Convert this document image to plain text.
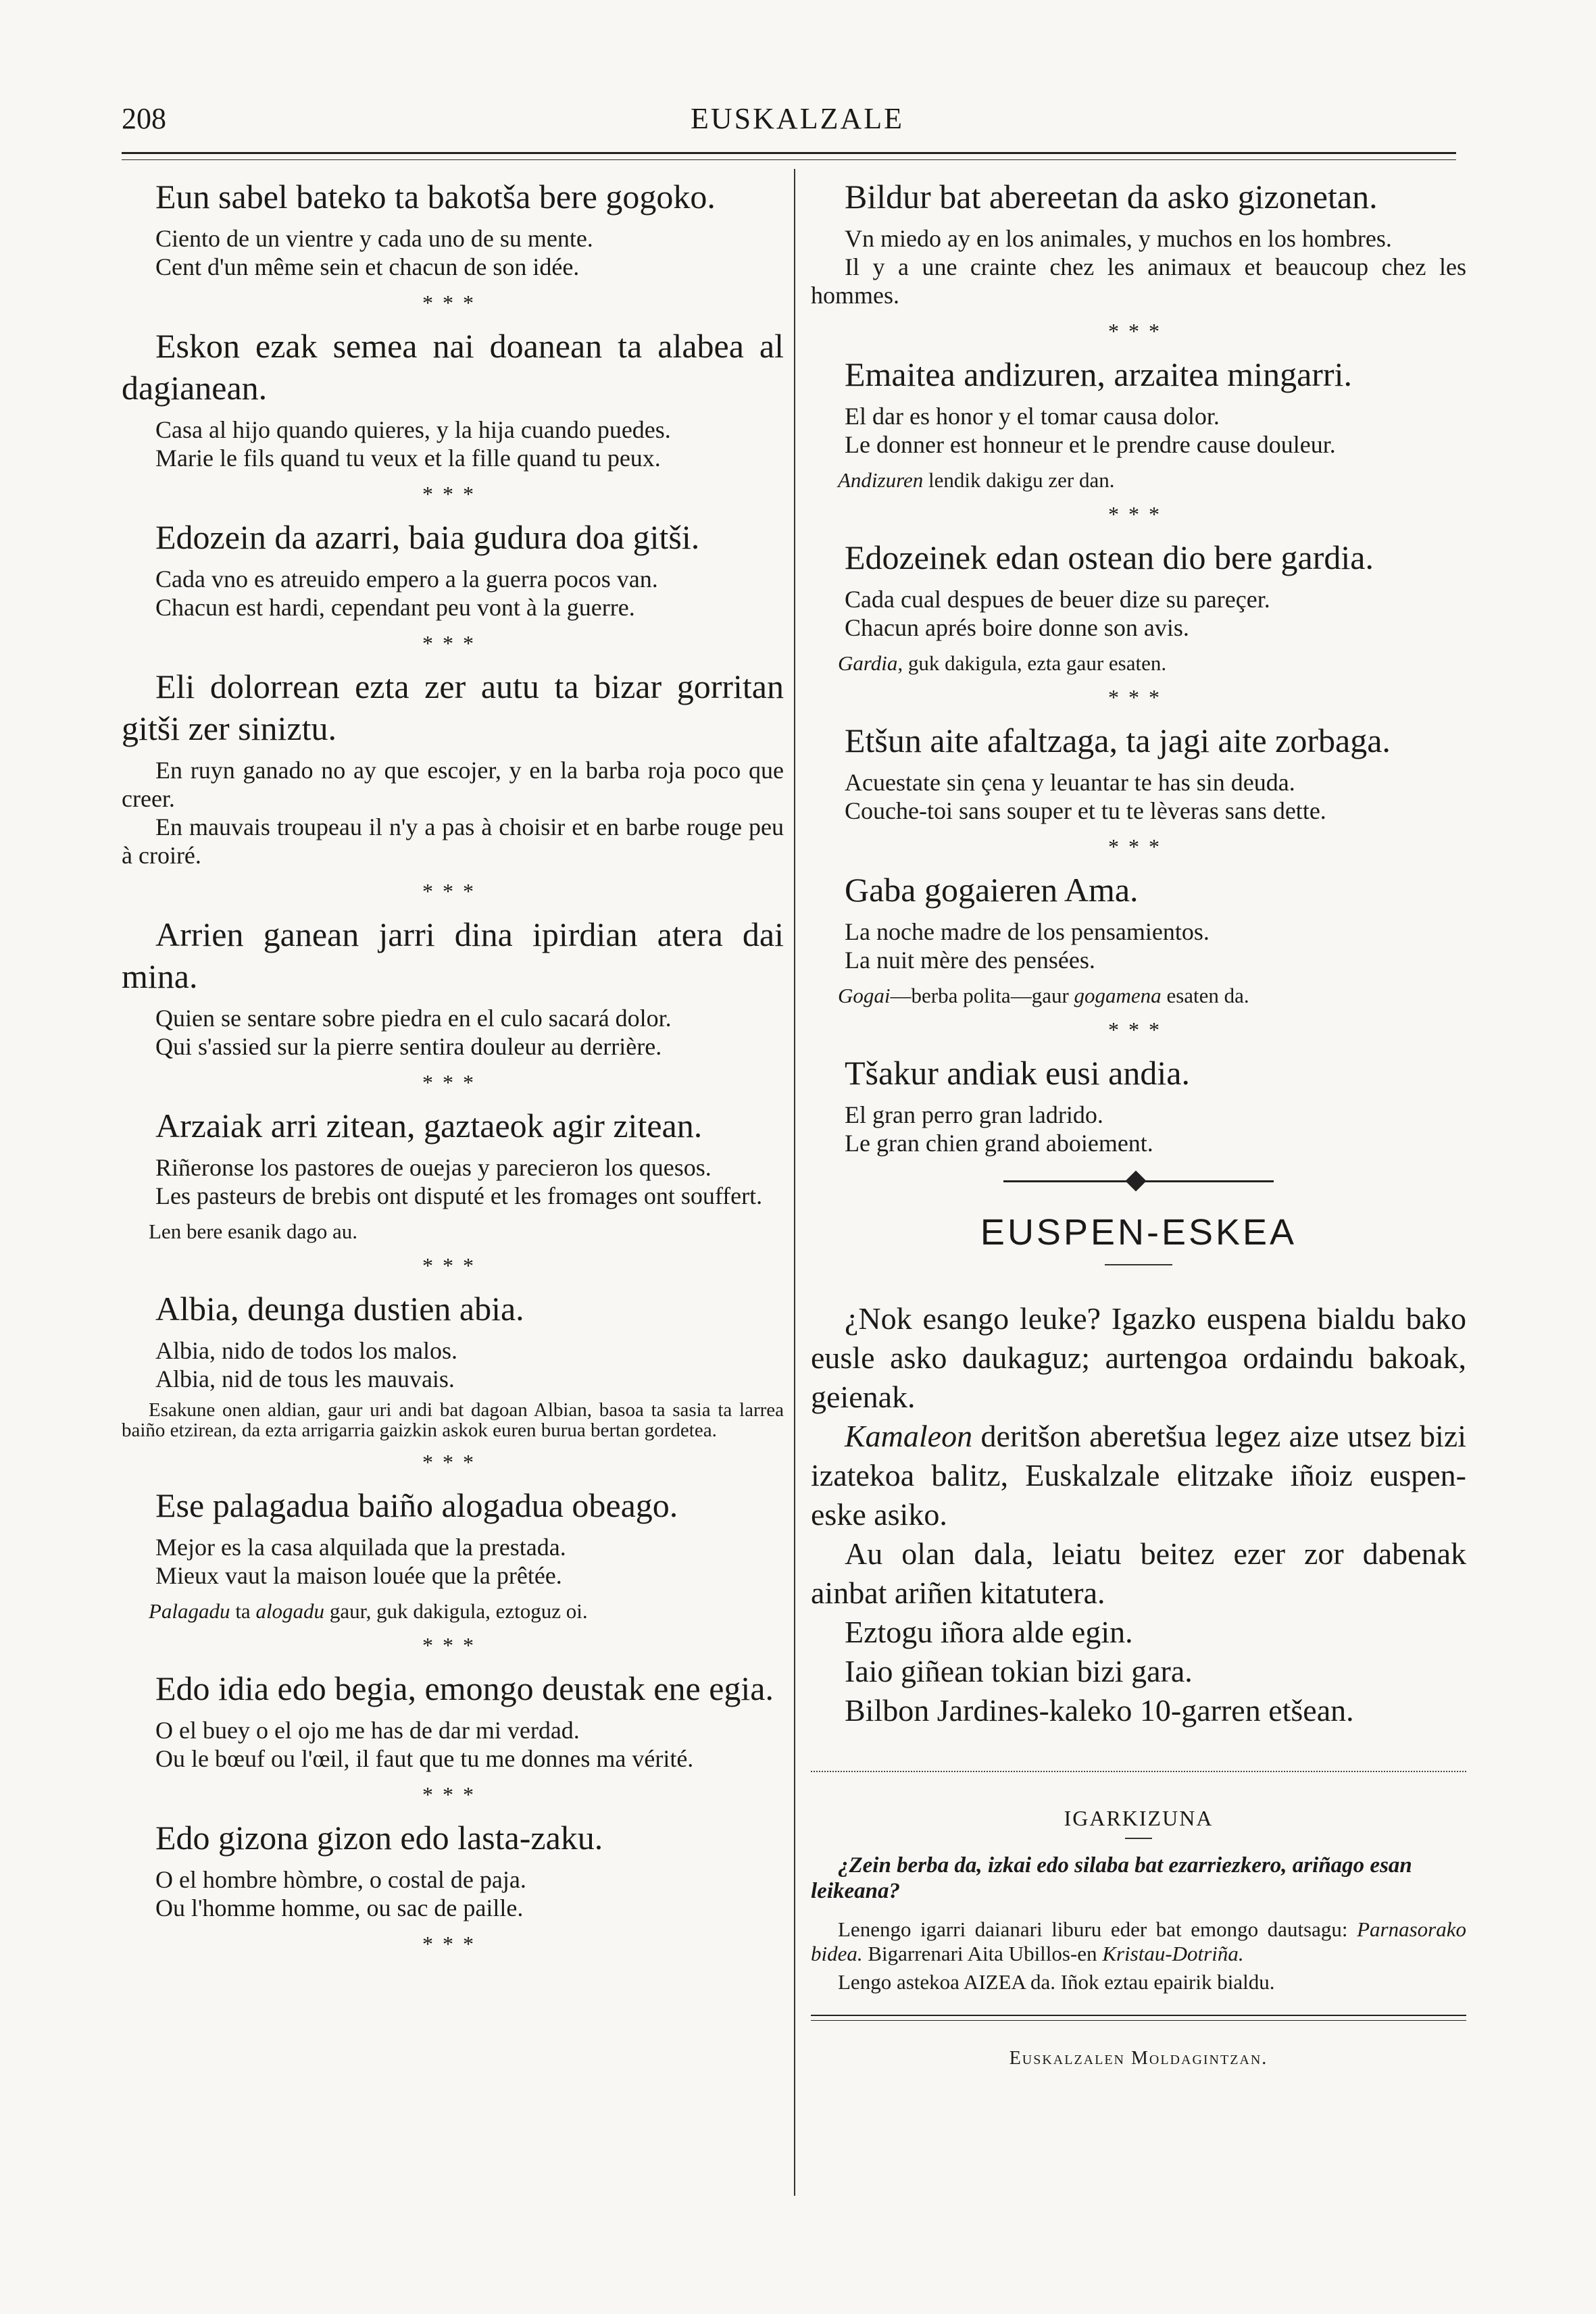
208	EUSKALZALE

Eun sabel bateko ta bakotša bere gogoko.

Ciento de un vientre y cada uno de su mente.

Cent d'un même sein et chacun de son idée.

***

Eskon ezak semea nai doanean ta alabea al dagianean.

Casa al hijo quando quieres, y la hija cuando puedes.

Marie le fils quand tu veux et la fille quand tu peux.

***

Edozein da azarri, baia gudura doa gitši.

Cada vno es atreuido empero a la guerra pocos van.

Chacun est hardi, cependant peu vont à la guerre.

***

Eli dolorrean ezta zer autu ta bizar gorritan gitši zer siniztu.

En ruyn ganado no ay que escojer, y en la barba roja poco que creer.

En mauvais troupeau il n'y a pas à choisir et en barbe rouge peu à croiré.

***

Arrien ganean jarri dina ipirdian atera dai mina.

Quien se sentare sobre piedra en el culo sacará dolor.

Qui s'assied sur la pierre sentira douleur au derrière.

***

Arzaiak arri zitean, gaztaeok agir zitean.

Riñeronse los pastores de ouejas y parecieron los quesos.

Les pasteurs de brebis ont disputé et les fromages ont souffert.

Len bere esanik dago au.

***

Albia, deunga dustien abia.

Albia, nido de todos los malos.

Albia, nid de tous les mauvais.

Esakune onen aldian, gaur uri andi bat dagoan Albian, basoa ta sasia ta larrea baiño etzirean, da ezta arrigarria gaizkin askok euren burua bertan gordetea.

***

Ese palagadua baiño alogadua obeago.

Mejor es la casa alquilada que la prestada.

Mieux vaut la maison louée que la prêtée.

Palagadu ta alogadu gaur, guk dakigula, eztoguz oi.

***

Edo idia edo begia, emongo deustak ene egia.

O el buey o el ojo me has de dar mi verdad.

Ou le bœuf ou l'œil, il faut que tu me donnes ma vérité.

***

Edo gizona gizon edo lasta-zaku.

O el hombre hòmbre, o costal de paja.

Ou l'homme homme, ou sac de paille.

***

Bildur bat abereetan da asko gizonetan.

Vn miedo ay en los animales, y muchos en los hombres.

Il y a une crainte chez les animaux et beaucoup chez les hommes.

***

Emaitea andizuren, arzaitea mingarri.

El dar es honor y el tomar causa dolor.

Le donner est honneur et le prendre cause douleur.

Andizuren lendik dakigu zer dan.

***

Edozeinek edan ostean dio bere gardia.

Cada cual despues de beuer dize su pareçer.

Chacun aprés boire donne son avis.

Gardia, guk dakigula, ezta gaur esaten.

***

Etšun aite afaltzaga, ta jagi aite zorbaga.

Acuestate sin çena y leuantar te has sin deuda.

Couche-toi sans souper et tu te lèveras sans dette.

***

Gaba gogaieren Ama.

La noche madre de los pensamientos.

La nuit mère des pensées.

Gogai—berba polita—gaur gogamena esaten da.

***

Tšakur andiak eusi andia.

El gran perro gran ladrido.

Le gran chien grand aboiement.

EUSPEN-ESKEA

¿Nok esango leuke? Igazko euspena bialdu bako eusle asko daukaguz; aurtengoa ordaindu bakoak, geienak.

Kamaleon deritšon aberetšua legez aize utsez bizi izatekoa balitz, Euskalzale elitzake iñoiz euspen-eske asiko.

Au olan dala, leiatu beitez ezer zor dabenak ainbat ariñen kitatutera.

Eztogu iñora alde egin.

Iaio giñean tokian bizi gara.

Bilbon Jardines-kaleko 10-garren etšean.

IGARKIZUNA

¿Zein berba da, izkai edo silaba bat ezarriezkero, ariñago esan leikeana?

Lenengo igarri daianari liburu eder bat emongo dautsagu: Parnasorako bidea. Bigarrenari Aita Ubillos-en Kristau-Dotriña.

Lengo astekoa AIZEA da. Iñok eztau epairik bialdu.

Euskalzalen Moldagintzan.
